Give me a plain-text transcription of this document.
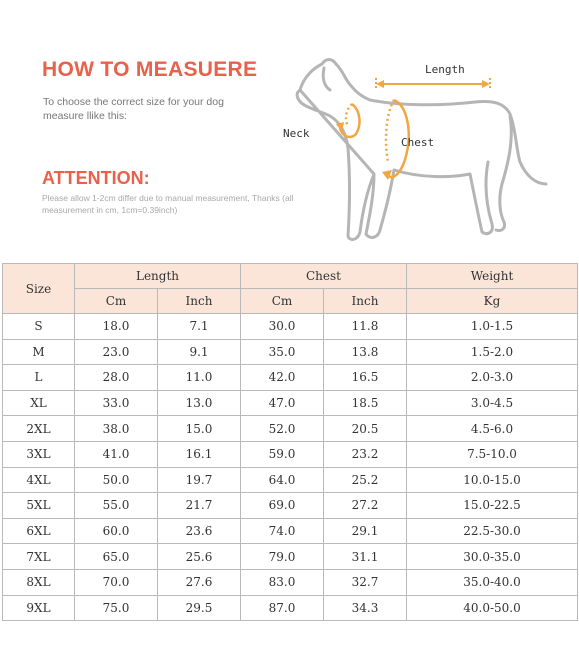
HOW TO MEASUERE
To choose the correct size for your dog measure llike this:
ATTENTION:
Please allow 1-2cm differ due to manual measurement, Thanks (all measurement in cm, 1cm=0.39inch)
Length
Neck
Chest
Size	Length		Chest		Weight
	Cm	Inch	Cm	Inch	Kg
S	18.0	7.1	30.0	11.8	1.0-1.5
M	23.0	9.1	35.0	13.8	1.5-2.0
L	28.0	11.0	42.0	16.5	2.0-3.0
XL	33.0	13.0	47.0	18.5	3.0-4.5
2XL	38.0	15.0	52.0	20.5	4.5-6.0
3XL	41.0	16.1	59.0	23.2	7.5-10.0
4XL	50.0	19.7	64.0	25.2	10.0-15.0
5XL	55.0	21.7	69.0	27.2	15.0-22.5
6XL	60.0	23.6	74.0	29.1	22.5-30.0
7XL	65.0	25.6	79.0	31.1	30.0-35.0
8XL	70.0	27.6	83.0	32.7	35.0-40.0
9XL	75.0	29.5	87.0	34.3	40.0-50.0
